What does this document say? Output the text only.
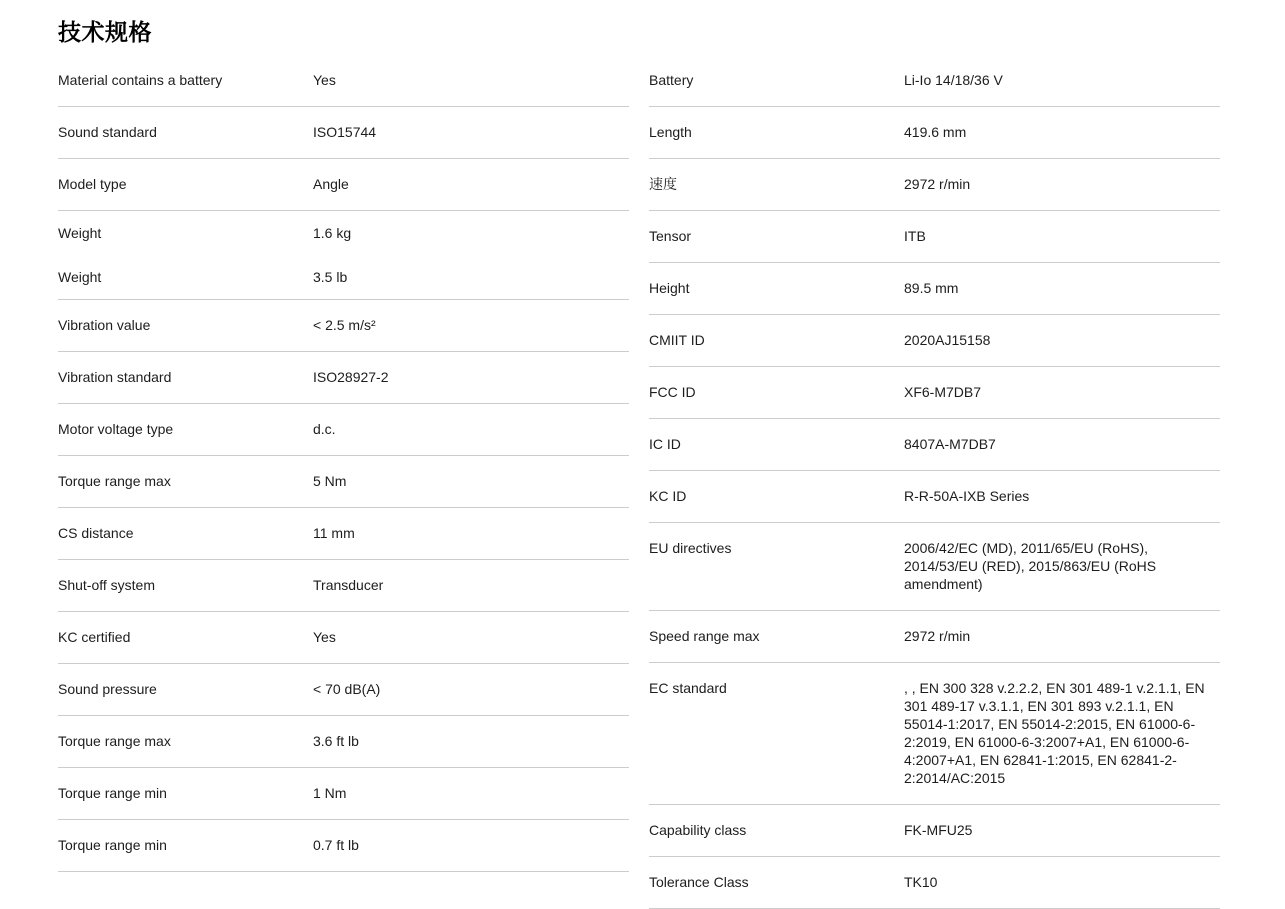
技术规格
Material contains a battery	Yes
Sound standard	ISO15744
Model type	Angle
Weight	1.6 kg
Weight	3.5 lb
Vibration value	< 2.5 m/s²
Vibration standard	ISO28927-2
Motor voltage type	d.c.
Torque range max	5 Nm
CS distance	11 mm
Shut-off system	Transducer
KC certified	Yes
Sound pressure	< 70 dB(A)
Torque range max	3.6 ft lb
Torque range min	1 Nm
Torque range min	0.7 ft lb
Battery	Li-Io 14/18/36 V
Length	419.6 mm
速度	2972 r/min
Tensor	ITB
Height	89.5 mm
CMIIT ID	2020AJ15158
FCC ID	XF6-M7DB7
IC ID	8407A-M7DB7
KC ID	R-R-50A-IXB Series
EU directives	2006/42/EC (MD), 2011/65/EU (RoHS), 2014/53/EU (RED), 2015/863/EU (RoHS amendment)
Speed range max	2972 r/min
EC standard	, , EN 300 328 v.2.2.2, EN 301 489-1 v.2.1.1, EN 301 489-17 v.3.1.1, EN 301 893 v.2.1.1, EN 55014-1:2017, EN 55014-2:2015, EN 61000-6-2:2019, EN 61000-6-3:2007+A1, EN 61000-6-4:2007+A1, EN 62841-1:2015, EN 62841-2-2:2014/AC:2015
Capability class	FK-MFU25
Tolerance Class	TK10
